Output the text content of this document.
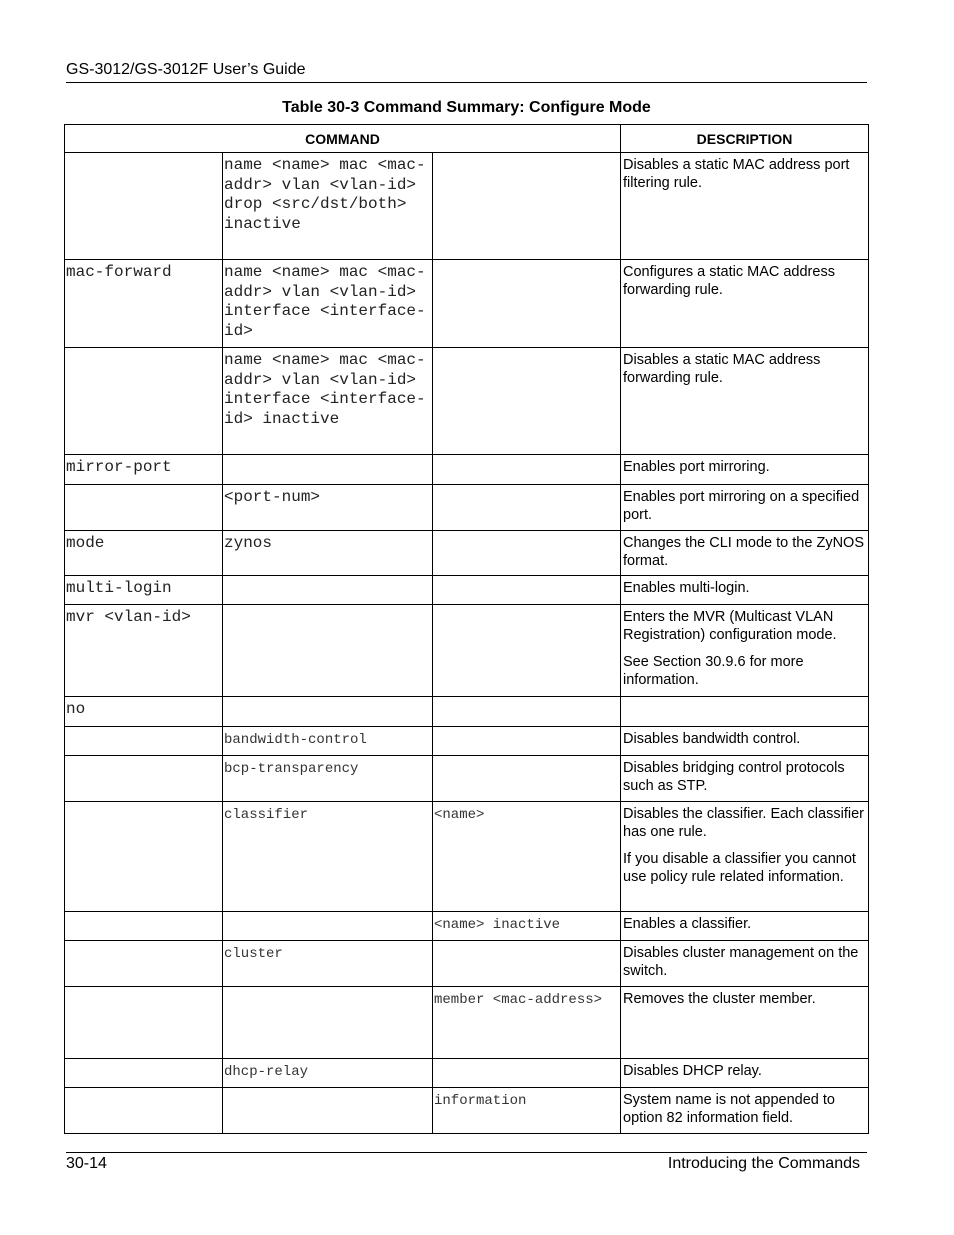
GS-3012/GS-3012F User’s Guide
Table 30-3 Command Summary: Configure Mode
COMMAND			DESCRIPTION
	name <name> mac <mac-addr> vlan <vlan-id> drop <src/dst/both> inactive		Disables a static MAC address port filtering rule.

mac-forward	name <name> mac <mac-addr> vlan <vlan-id> interface <interface-id>		Configures a static MAC address forwarding rule.

	name <name> mac <mac-addr> vlan <vlan-id> interface <interface-id> inactive		Disables a static MAC address forwarding rule.

mirror-port			Enables port mirroring.

	<port-num>		Enables port mirroring on a specified port.

mode	zynos		Changes the CLI mode to the ZyNOS format.

multi-login			Enables multi-login.

mvr <vlan-id>			Enters the MVR (Multicast VLAN Registration) configuration mode.

See Section 30.9.6 for more information.

no			
	bandwidth-control		Disables bandwidth control.

	bcp-transparency		Disables bridging control protocols such as STP.

	classifier	<name>	Disables the classifier. Each classifier has one rule.

If you disable a classifier you cannot use policy rule related information.

		<name> inactive	Enables a classifier.

	cluster		Disables cluster management on the switch.

		member <mac-address>	Removes the cluster member.

	dhcp-relay		Disables DHCP relay.

		information	System name is not appended to option 82 information field.

30-14	Introducing the Commands
